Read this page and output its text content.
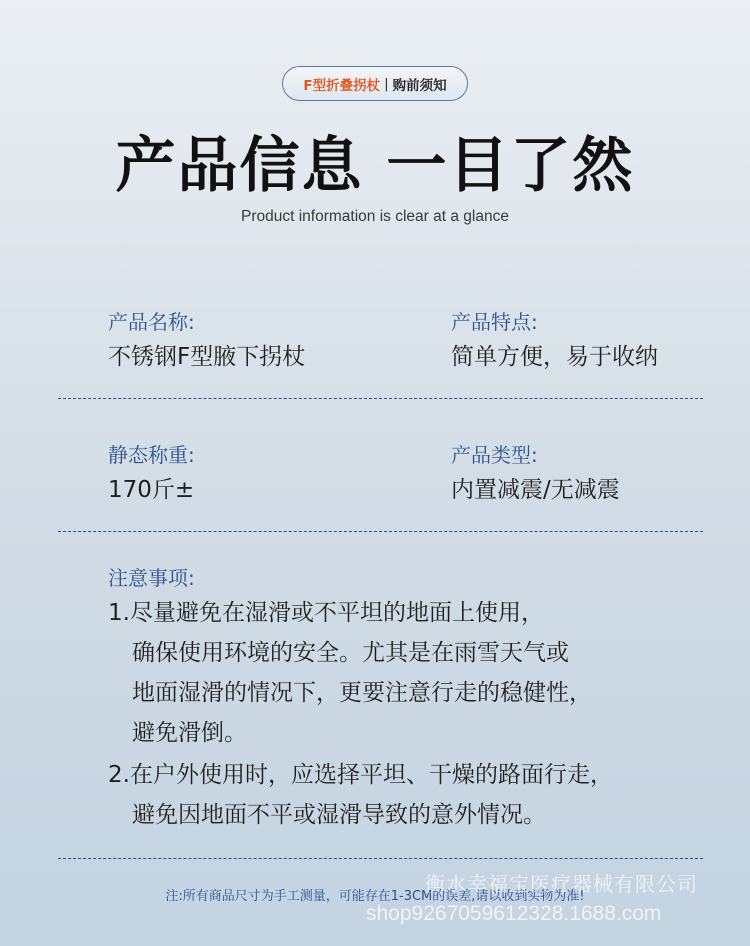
F型折叠拐杖 | 购前须知
产品信息 一目了然
Product information is clear at a glance
产品名称:
不锈钢F型腋下拐杖
产品特点:
简单方便，易于收纳
静态称重:
170斤±
产品类型:
内置减震/无减震
注意事项:
1.尽量避免在湿滑或不平坦的地面上使用，
确保使用环境的安全。尤其是在雨雪天气或
地面湿滑的情况下，更要注意行走的稳健性，
避免滑倒。
2.在户外使用时，应选择平坦、干燥的路面行走，
避免因地面不平或湿滑导致的意外情况。
注:所有商品尺寸为手工测量，可能存在1-3CM的误差,请以收到实物为准!
衡水幸福宝医疗器械有限公司
shop926705961​2328.1688.com
